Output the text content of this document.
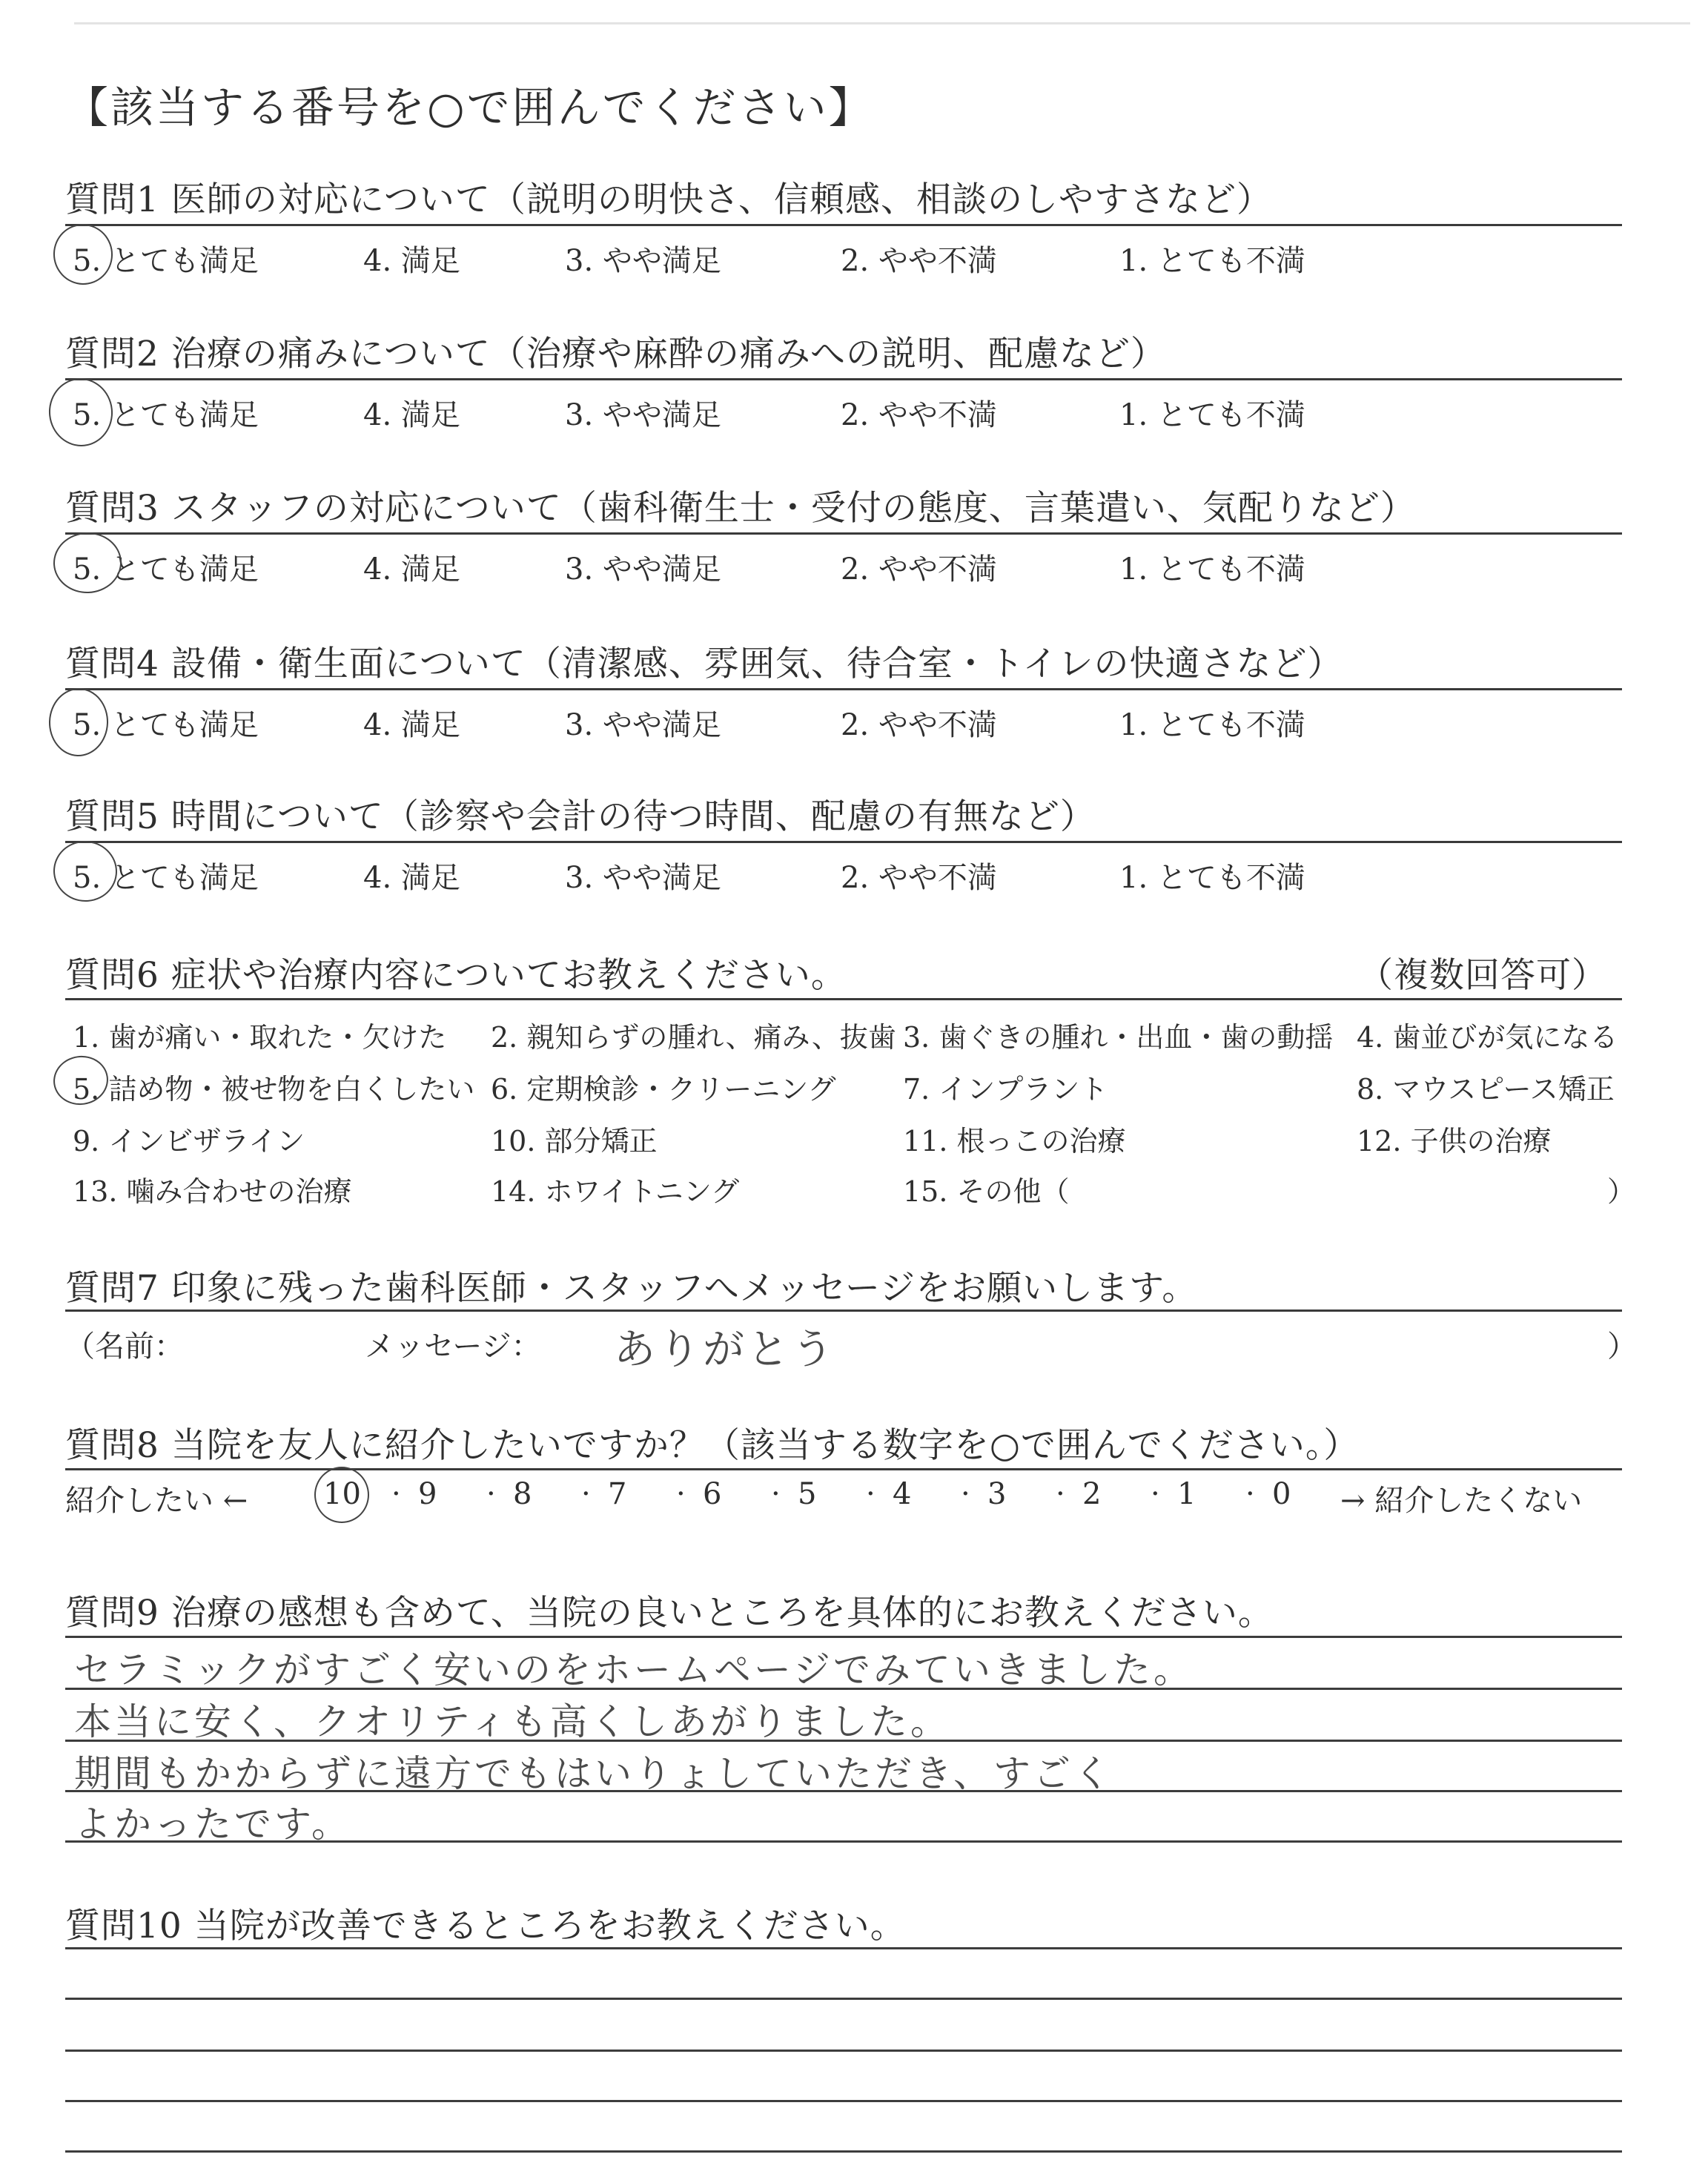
【該当する番号を○で囲んでください】
質問1 医師の対応について（説明の明快さ、信頼感、相談のしやすさなど）
5. とても満足	4. 満足	3. やや満足	2. やや不満	1. とても不満
質問2 治療の痛みについて（治療や麻酔の痛みへの説明、配慮など）
5. とても満足	4. 満足	3. やや満足	2. やや不満	1. とても不満
質問3 スタッフの対応について（歯科衛生士・受付の態度、言葉遣い、気配りなど）
5. とても満足	4. 満足	3. やや満足	2. やや不満	1. とても不満
質問4 設備・衛生面について（清潔感、雰囲気、待合室・トイレの快適さなど）
5. とても満足	4. 満足	3. やや満足	2. やや不満	1. とても不満
質問5 時間について（診察や会計の待つ時間、配慮の有無など）
5. とても満足	4. 満足	3. やや満足	2. やや不満	1. とても不満
質問6 症状や治療内容についてお教えください。	（複数回答可）
1. 歯が痛い・取れた・欠けた 2. 親知らずの腫れ、痛み、抜歯 3. 歯ぐきの腫れ・出血・歯の動揺 4. 歯並びが気になる
5. 詰め物・被せ物を白くしたい 6. 定期検診・クリーニング 7. インプラント	8. マウスピース矯正
9. インビザライン	10. 部分矯正	11. 根っこの治療	12. 子供の治療
13. 噛み合わせの治療	14. ホワイトニング	15. その他（	）
質問7 印象に残った歯科医師・スタッフへメッセージをお願いします。
（名前：	メッセージ： ありがとう	）
質問8 当院を友人に紹介したいですか？（該当する数字を○で囲んでください。）
紹介したい ←	→ 紹介したくない
10 · 9 · 8 · 7 · 6 · 5 · 4 · 3 · 2 · 1 · 0
質問9 治療の感想も含めて、当院の良いところを具体的にお教えください。
セラミックがすごく安いのをホームページでみていきました。
本当に安く、クオリティも高くしあがりました。
期間もかからずに遠方でもはいりょしていただき、すごく
よかったです。
質問10 当院が改善できるところをお教えください。
